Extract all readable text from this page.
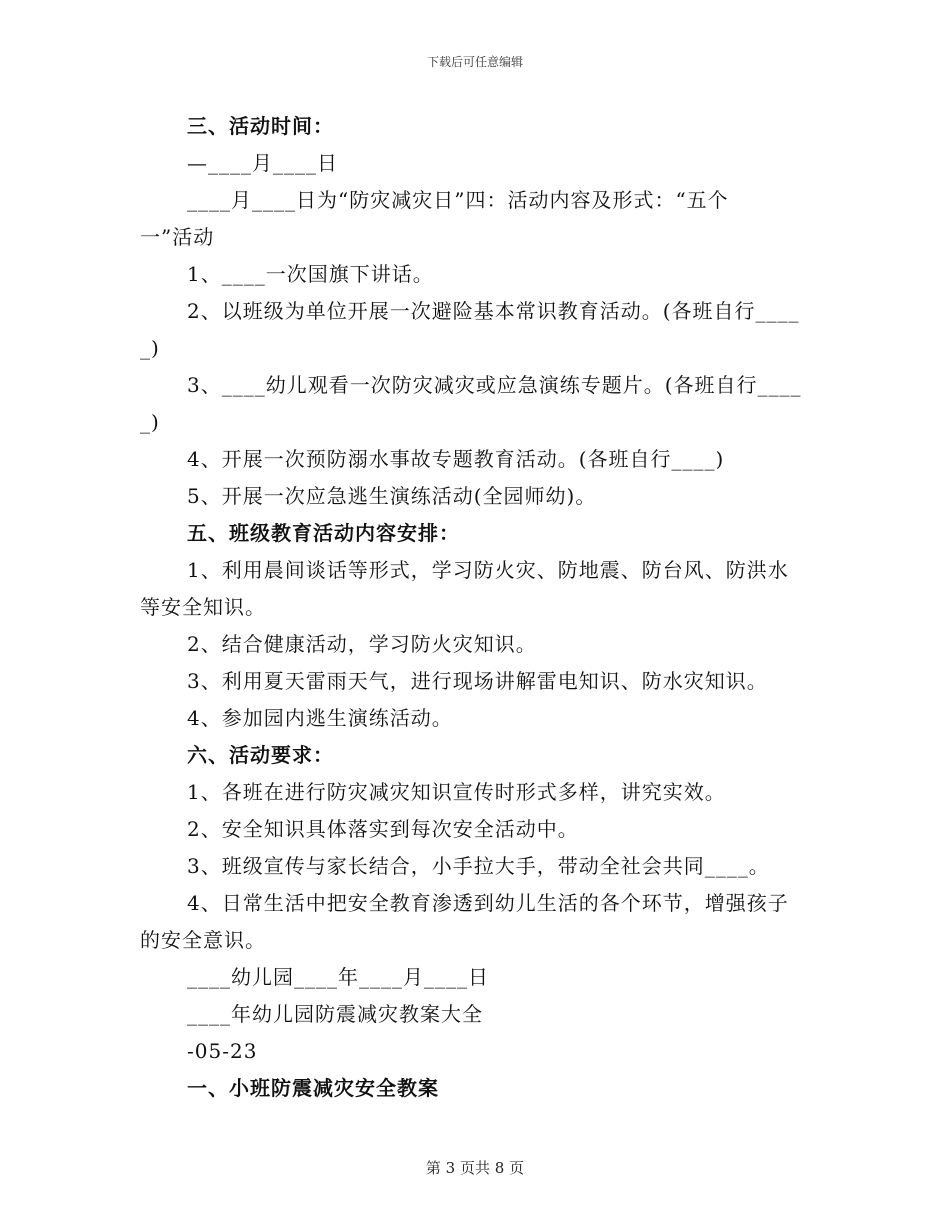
下载后可任意编辑
三、活动时间：
—____月____日
____月____日为“防灾减灾日”四：活动内容及形式：“五个
一”活动
1、____一次国旗下讲话。
2、以班级为单位开展一次避险基本常识教育活动。(各班自行____
_)
3、____幼儿观看一次防灾减灾或应急演练专题片。(各班自行____
_)
4、开展一次预防溺水事故专题教育活动。(各班自行____)
5、开展一次应急逃生演练活动(全园师幼)。
五、班级教育活动内容安排：
1、利用晨间谈话等形式，学习防火灾、防地震、防台风、防洪水
等安全知识。
2、结合健康活动，学习防火灾知识。
3、利用夏天雷雨天气，进行现场讲解雷电知识、防水灾知识。
4、参加园内逃生演练活动。
六、活动要求：
1、各班在进行防灾减灾知识宣传时形式多样，讲究实效。
2、安全知识具体落实到每次安全活动中。
3、班级宣传与家长结合，小手拉大手，带动全社会共同____。
4、日常生活中把安全教育渗透到幼儿生活的各个环节，增强孩子
的安全意识。
____幼儿园____年____月____日
____年幼儿园防震减灾教案大全
-05-23
一、小班防震减灾安全教案
第 3 页共 8 页
